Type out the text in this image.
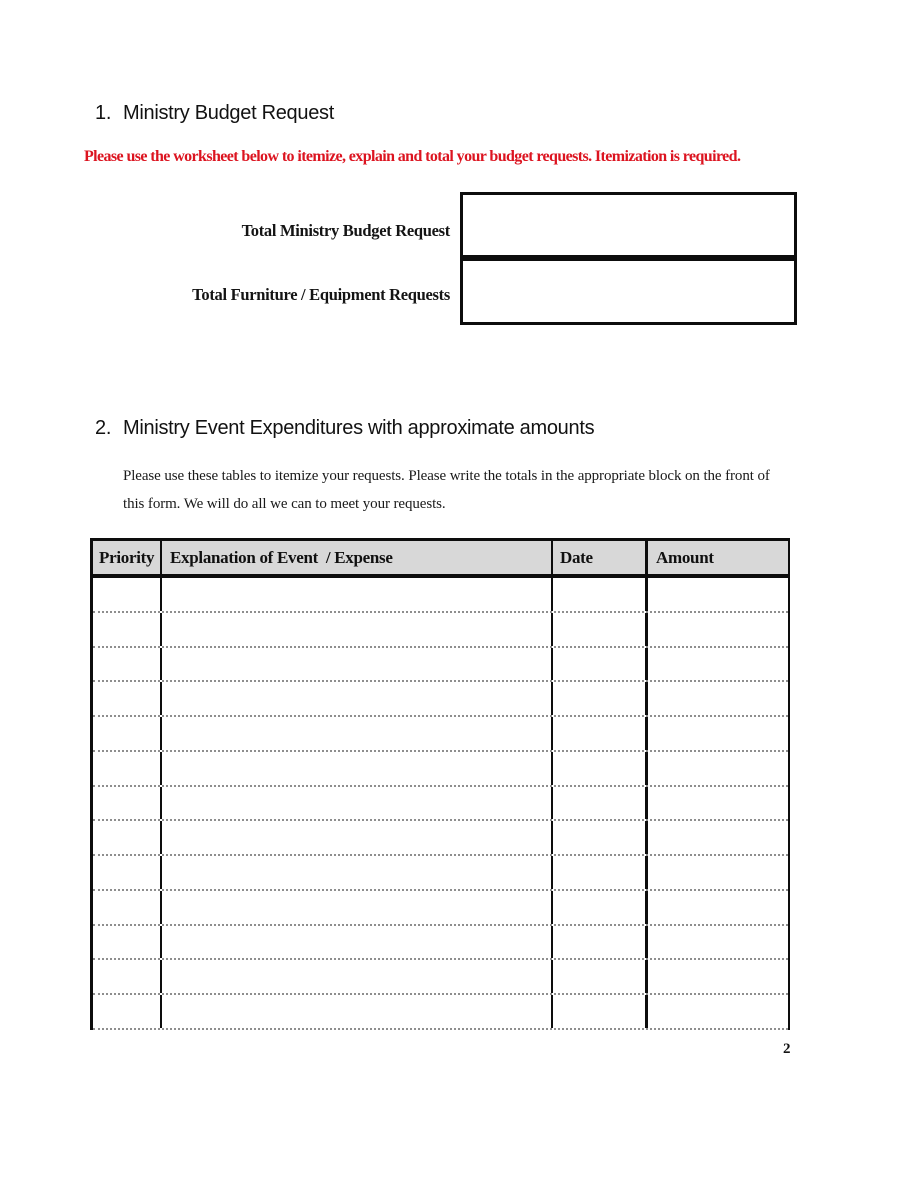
1. Ministry Budget Request
Please use the worksheet below to itemize, explain and total your budget requests. Itemization is required.
Total Ministry Budget Request
Total Furniture / Equipment Requests
2. Ministry Event Expenditures with approximate amounts
Please use these tables to itemize your requests. Please write the totals in the appropriate block on the front of
this form. We will do all we can to meet your requests.
Priority Explanation of Event  / Expense	Date	Amount
2
